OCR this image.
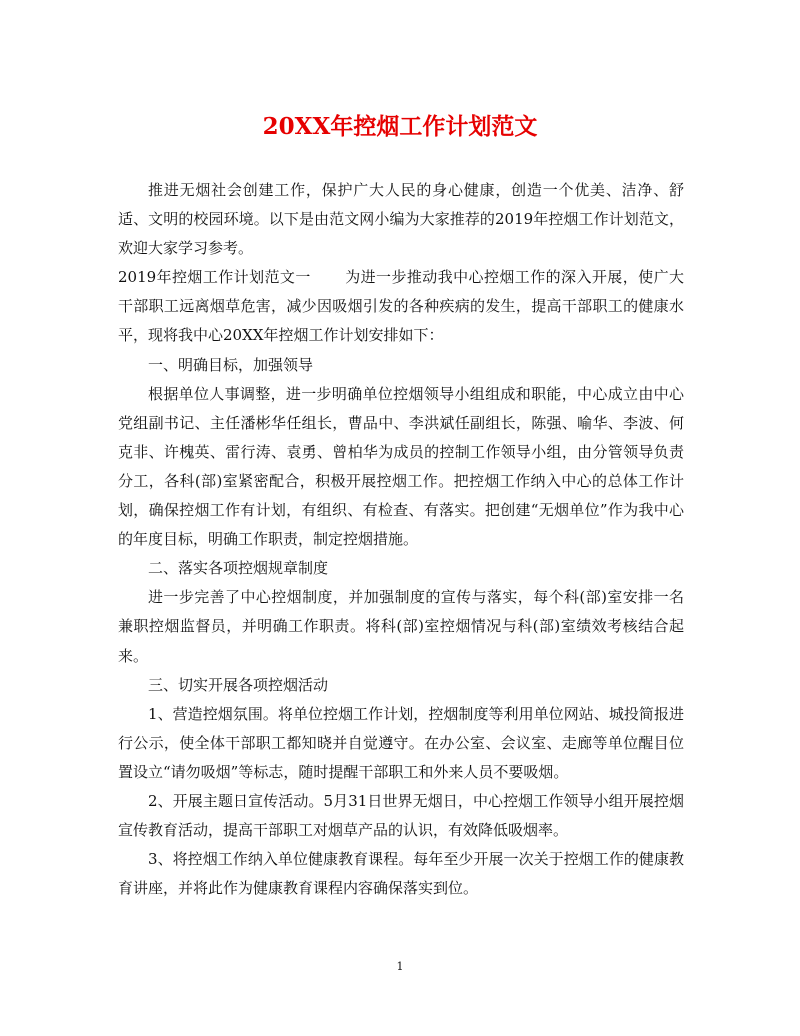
20XX年控烟工作计划范文

推进无烟社会创建工作，保护广大人民的身心健康，创造一个优美、洁净、舒适、文明的校园环境。以下是由范文网小编为大家推荐的2019年控烟工作计划范文，欢迎大家学习参考。

2019年控烟工作计划范文一 为进一步推动我中心控烟工作的深入开展，使广大干部职工远离烟草危害，减少因吸烟引发的各种疾病的发生，提高干部职工的健康水平，现将我中心20XX年控烟工作计划安排如下：

一、明确目标，加强领导

根据单位人事调整，进一步明确单位控烟领导小组组成和职能，中心成立由中心党组副书记、主任潘彬华任组长，曹品中、李洪斌任副组长，陈强、喻华、李波、何克非、许槐英、雷行涛、袁勇、曾柏华为成员的控制工作领导小组，由分管领导负责分工，各科(部)室紧密配合，积极开展控烟工作。把控烟工作纳入中心的总体工作计划，确保控烟工作有计划，有组织、有检查、有落实。把创建“无烟单位”作为我中心的年度目标，明确工作职责，制定控烟措施。

二、落实各项控烟规章制度

进一步完善了中心控烟制度，并加强制度的宣传与落实，每个科(部)室安排一名兼职控烟监督员，并明确工作职责。将科(部)室控烟情况与科(部)室绩效考核结合起来。

三、切实开展各项控烟活动

1、营造控烟氛围。将单位控烟工作计划，控烟制度等利用单位网站、城投简报进行公示，使全体干部职工都知晓并自觉遵守。在办公室、会议室、走廊等单位醒目位置设立“请勿吸烟”等标志，随时提醒干部职工和外来人员不要吸烟。

2、开展主题日宣传活动。5月31日世界无烟日，中心控烟工作领导小组开展控烟宣传教育活动，提高干部职工对烟草产品的认识，有效降低吸烟率。

3、将控烟工作纳入单位健康教育课程。每年至少开展一次关于控烟工作的健康教育讲座，并将此作为健康教育课程内容确保落实到位。

1
